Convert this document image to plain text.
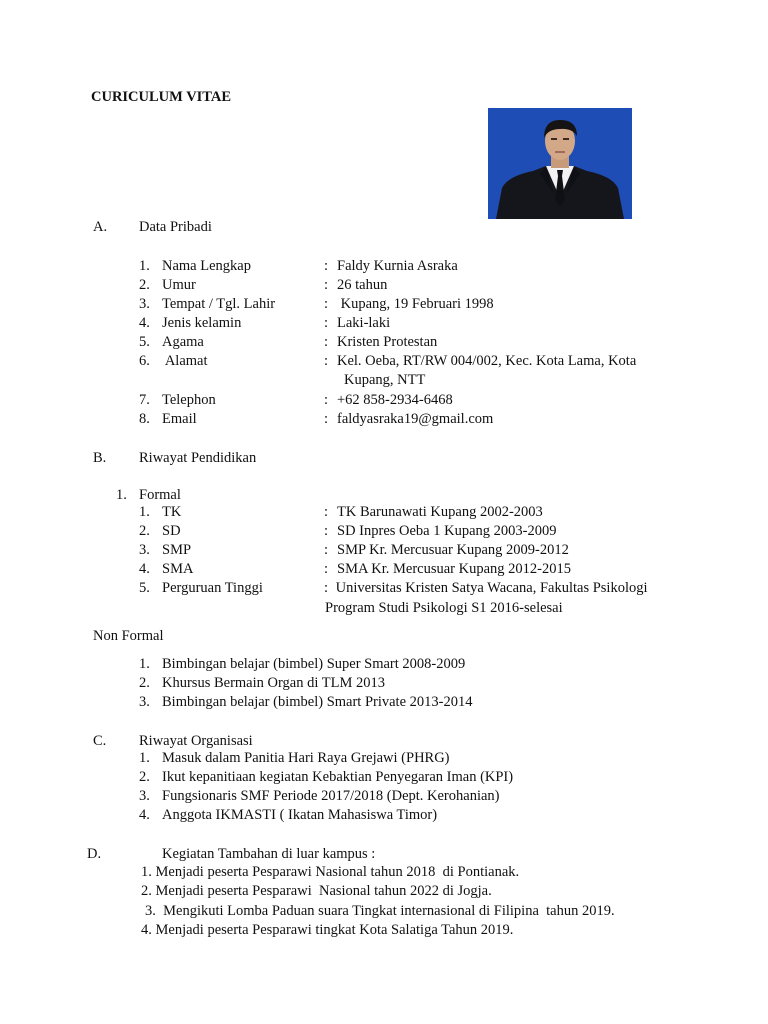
CURICULUM VITAE
A. Data Pribadi
1. Nama Lengkap	: Faldy Kurnia Asraka
2. Umur	: 26 tahun
3. Tempat / Tgl. Lahir	: Kupang, 19 Februari 1998
4. Jenis kelamin	: Laki-laki
5. Agama	: Kristen Protestan
6. Alamat	: Kel. Oeba, RT/RW 004/002, Kec. Kota Lama, Kota
Kupang, NTT
7. Telephon	: +62 858-2934-6468
8. Email	: faldyasraka19@gmail.com
B. Riwayat Pendidikan
1. Formal
1. TK	: TK Barunawati Kupang 2002-2003
2. SD	: SD Inpres Oeba 1 Kupang 2003-2009
3. SMP	: SMP Kr. Mercusuar Kupang 2009-2012
4. SMA	: SMA Kr. Mercusuar Kupang 2012-2015
5. Perguruan Tinggi	: Universitas Kristen Satya Wacana, Fakultas Psikologi
Program Studi Psikologi S1 2016-selesai
Non Formal
1. Bimbingan belajar (bimbel) Super Smart 2008-2009
2. Khursus Bermain Organ di TLM 2013
3. Bimbingan belajar (bimbel) Smart Private 2013-2014
C. Riwayat Organisasi
1. Masuk dalam Panitia Hari Raya Grejawi (PHRG)
2. Ikut kepanitiaan kegiatan Kebaktian Penyegaran Iman (KPI)
3. Fungsionaris SMF Periode 2017/2018 (Dept. Kerohanian)
4. Anggota IKMASTI ( Ikatan Mahasiswa Timor)
D.	Kegiatan Tambahan di luar kampus :
1. Menjadi peserta Pesparawi Nasional tahun 2018  di Pontianak.
2. Menjadi peserta Pesparawi  Nasional tahun 2022 di Jogja.
3.  Mengikuti Lomba Paduan suara Tingkat internasional di Filipina  tahun 2019.
4. Menjadi peserta Pesparawi tingkat Kota Salatiga Tahun 2019.
